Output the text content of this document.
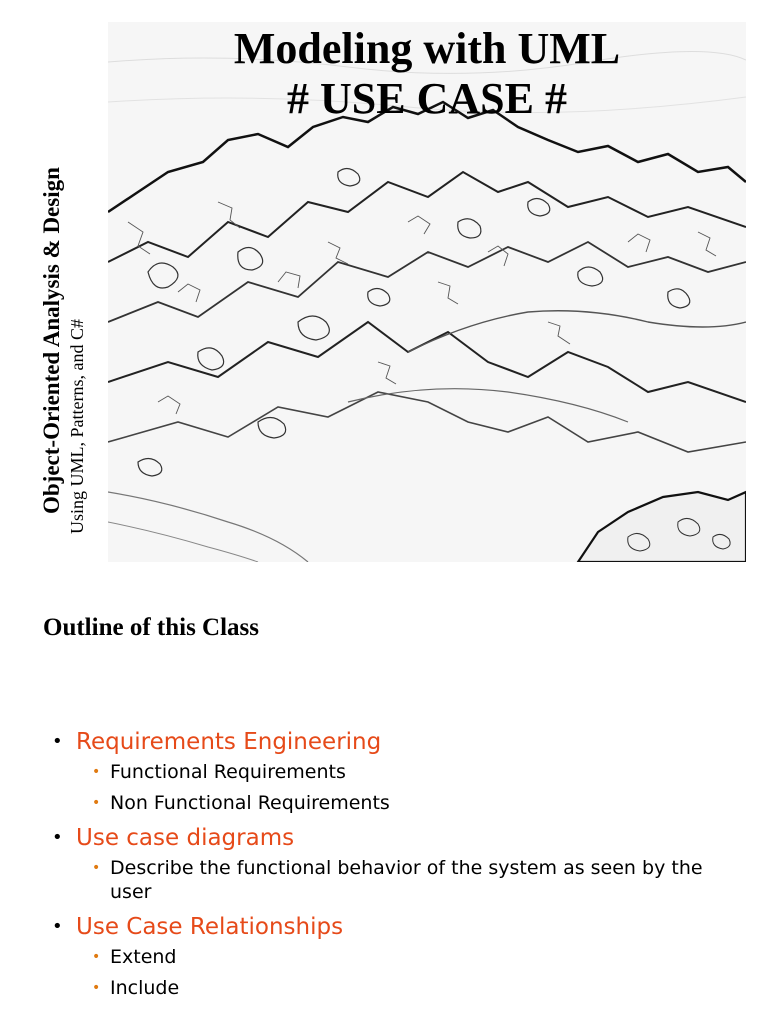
Modeling with UML
# USE CASE #
Object-Oriented Analysis & Design Using UML, Patterns, and C#
Outline of this Class
• Requirements Engineering
• Functional Requirements
• Non Functional Requirements
• Use case diagrams
• Describe the functional behavior of the system as seen by the user
• Use Case Relationships
• Extend
• Include
